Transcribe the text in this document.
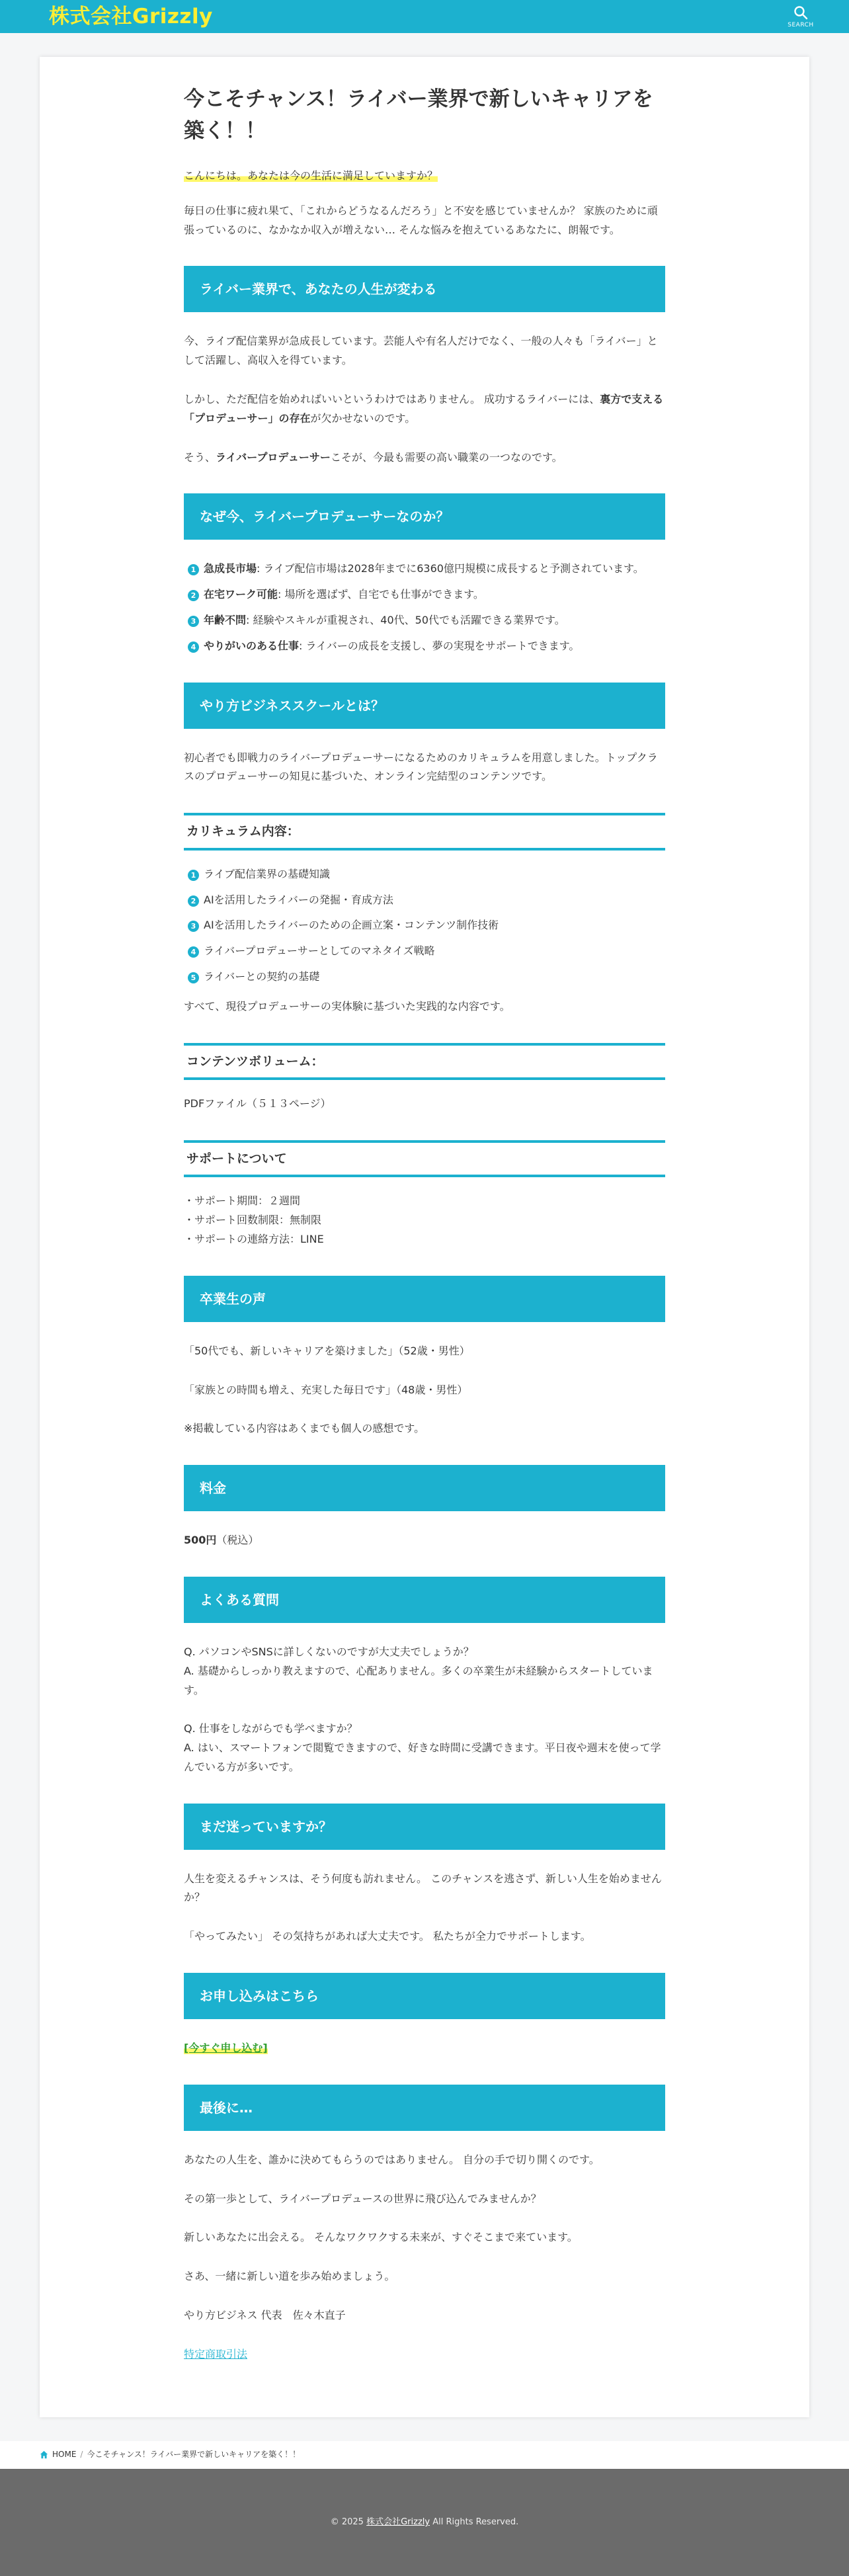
株式会社Grizzly	SEARCH
今こそチャンス！ライバー業界で新しいキャリアを築く！！

こんにちは。あなたは今の生活に満足していますか？

毎日の仕事に疲れ果て、「これからどうなるんだろう」と不安を感じていませんか？ 家族のために頑張っているのに、なかなか収入が増えない… そんな悩みを抱えているあなたに、朗報です。

ライバー業界で、あなたの人生が変わる

今、ライブ配信業界が急成長しています。芸能人や有名人だけでなく、一般の人々も「ライバー」として活躍し、高収入を得ています。

しかし、ただ配信を始めればいいというわけではありません。 成功するライバーには、裏方で支える「プロデューサー」の存在が欠かせないのです。

そう、ライバープロデューサーこそが、今最も需要の高い職業の一つなのです。

なぜ今、ライバープロデューサーなのか？
1 急成長市場: ライブ配信市場は2028年までに6360億円規模に成長すると予測されています。
2 在宅ワーク可能: 場所を選ばず、自宅でも仕事ができます。
3 年齢不問: 経験やスキルが重視され、40代、50代でも活躍できる業界です。
4 やりがいのある仕事: ライバーの成長を支援し、夢の実現をサポートできます。
やり方ビジネススクールとは？

初心者でも即戦力のライバープロデューサーになるためのカリキュラムを用意しました。トップクラスのプロデューサーの知見に基づいた、オンライン完結型のコンテンツです。

カリキュラム内容：
1 ライブ配信業界の基礎知識
2 AIを活用したライバーの発掘・育成方法
3 AIを活用したライバーのための企画立案・コンテンツ制作技術
4 ライバープロデューサーとしてのマネタイズ戦略
5 ライバーとの契約の基礎

すべて、現役プロデューサーの実体験に基づいた実践的な内容です。

コンテンツボリューム：

PDFファイル（５１３ページ）

サポートについて

・サポート期間：２週間
・サポート回数制限：無制限
・サポートの連絡方法：LINE

卒業生の声

「50代でも、新しいキャリアを築けました」（52歳・男性）

「家族との時間も増え、充実した毎日です」（48歳・男性）

※掲載している内容はあくまでも個人の感想です。

料金

500円（税込）

よくある質問

Q. パソコンやSNSに詳しくないのですが大丈夫でしょうか？
A. 基礎からしっかり教えますので、心配ありません。多くの卒業生が未経験からスタートしています。

Q. 仕事をしながらでも学べますか？
A. はい、スマートフォンで閲覧できますので、好きな時間に受講できます。平日夜や週末を使って学んでいる方が多いです。

まだ迷っていますか？

人生を変えるチャンスは、そう何度も訪れません。 このチャンスを逃さず、新しい人生を始めませんか？

「やってみたい」 その気持ちがあれば大丈夫です。 私たちが全力でサポートします。

お申し込みはこちら

[今すぐ申し込む]

最後に…

あなたの人生を、誰かに決めてもらうのではありません。 自分の手で切り開くのです。

その第一歩として、ライバープロデュースの世界に飛び込んでみませんか？

新しいあなたに出会える。 そんなワクワクする未来が、すぐそこまで来ています。

さあ、一緒に新しい道を歩み始めましょう。

やり方ビジネス 代表　佐々木直子

特定商取引法

HOME / 今こそチャンス！ライバー業界で新しいキャリアを築く！！
© 2025 株式会社Grizzly All Rights Reserved.
